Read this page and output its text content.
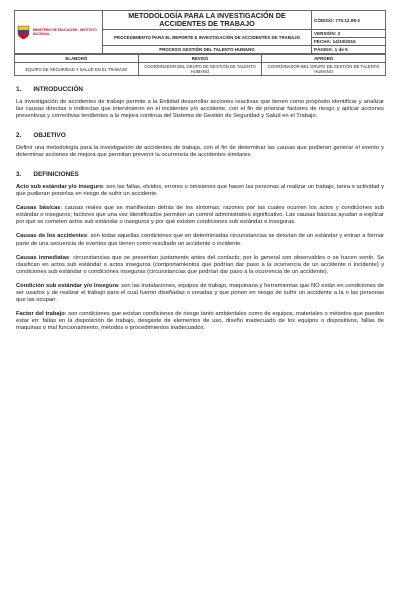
MINISTERIO DE EDUCACIÓN - INSTITUTO NACIONAL	METODOLOGÍA PARA LA INVESTIGACIÓN DE ACCIDENTES DE TRABAJO	CÓDIGO: 770.12.08-2
	PROCEDIMIENTO PARA EL REPORTE E INVESTIGACIÓN DE ACCIDENTES DE TRABAJO	VERSIÓN: 3
		FECHA: 14/10/2015
	PROCESO GESTIÓN DEL TALENTO HUMANO	PÁGINA: 1 de 5
ELABORÓ	REVISÓ	APROBÓ
EQUIPO DE SEGURIDAD Y SALUD EN EL TRABAJO	COORDINADOR DEL GRUPO DE GESTIÓN DE TALENTO HUMANO	COORDINADOR DEL GRUPO DE GESTIÓN DE TALENTO HUMANO
1. INTRODUCCIÓN

La investigación de accidentes de trabajo permite a la Entidad desarrollar acciones reactivas que tienen como propósito identificar y analizar las causas directas o indirectas que intervinieron en el incidentes y/o accidente, con el fin de priorizar factores de riesgo y aplicar acciones preventivas y correctivas tendientes a la mejora continua del Sistema de Gestión de Seguridad y Salud en el Trabajo.

2. OBJETIVO

Definir una metodología para la investigación de accidentes de trabajo, con el fin de determinar las causas que pudieron generar el evento y determinar acciones de mejora que permitan prevenir la ocurrencia de accidentes similares.

3. DEFINICIONES

Acto sub estándar y/o inseguro: son las fallas, olvidos, errores u omisiones que hacen las personas al realizar un trabajo, tarea o actividad y que pudieran ponerlas en riesgo de sufrir un accidente.

Causas básicas: causas reales que se manifiestan detrás de los síntomas; razones por las cuales ocurren los actos y condiciones sub estándar o inseguros; factores que una vez identificados permiten un control administrativo significativo. Las causas básicas ayudan a explicar por qué se cometen actos sub estándar o inseguros y por qué existen condiciones sub estándar o inseguras.

Causas de los accidentes: son todas aquellas condiciones que en determinadas circunstancias se desvían de un estándar y entran a formar parte de una secuencia de eventos que tienen como resultado un accidente o incidente.

Causas inmediatas: circunstancias que se presentan justamente antes del contacto; por lo general son observables o se hacen sentir. Se clasifican en actos sub estándar o actos inseguros (comportamientos que podrían dar paso a la ocurrencia de un accidente o incidente) y condiciones sub estándar o condiciones inseguras (circunstancias que podrían dar paso a la ocurrencia de un accidente).

Condición sub estándar y/o insegura: son las instalaciones, equipos de trabajo, maquinaria y herramientas que NO están en condiciones de ser usados y de realizar el trabajo para el cual fueron diseñadas o creadas y que ponen en riesgo de sufrir un accidente a la o las personas que las ocupan.

Factor del trabajo: son condiciones que existan condiciones de riesgo tanto ambientales como de equipos, materiales o métodos que pueden estar en: fallas en la disposición de trabajo, desgaste de elementos de uso, diseño inadecuado de los equipos o dispositivos, fallas de maquinas o mal funcionamiento, métodos o procedimientos inadecuados.
